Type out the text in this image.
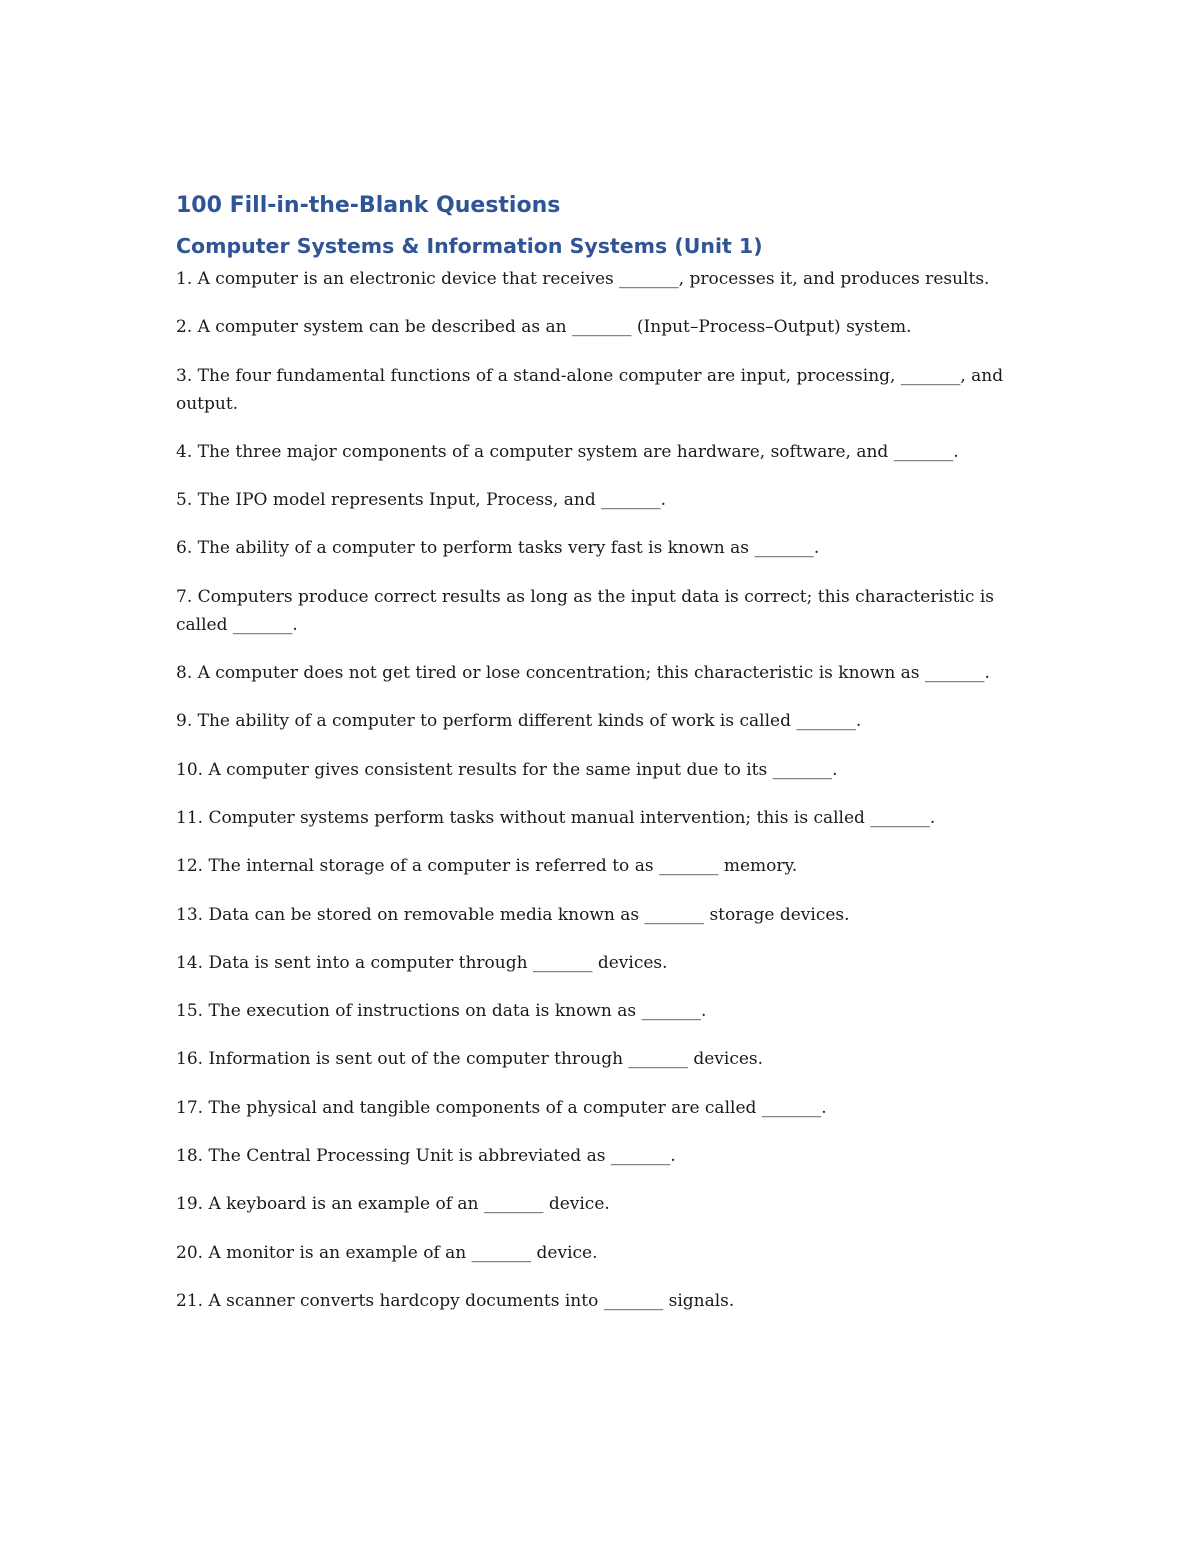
100 Fill-in-the-Blank Questions
Computer Systems & Information Systems (Unit 1)
1. A computer is an electronic device that receives _______, processes it, and produces results.
2. A computer system can be described as an _______ (Input–Process–Output) system.
3. The four fundamental functions of a stand-alone computer are input, processing, _______, and output.
4. The three major components of a computer system are hardware, software, and _______.
5. The IPO model represents Input, Process, and _______.
6. The ability of a computer to perform tasks very fast is known as _______.
7. Computers produce correct results as long as the input data is correct; this characteristic is called _______.
8. A computer does not get tired or lose concentration; this characteristic is known as _______.
9. The ability of a computer to perform different kinds of work is called _______.
10. A computer gives consistent results for the same input due to its _______.
11. Computer systems perform tasks without manual intervention; this is called _______.
12. The internal storage of a computer is referred to as _______ memory.
13. Data can be stored on removable media known as _______ storage devices.
14. Data is sent into a computer through _______ devices.
15. The execution of instructions on data is known as _______.
16. Information is sent out of the computer through _______ devices.
17. The physical and tangible components of a computer are called _______.
18. The Central Processing Unit is abbreviated as _______.
19. A keyboard is an example of an _______ device.
20. A monitor is an example of an _______ device.
21. A scanner converts hardcopy documents into _______ signals.
